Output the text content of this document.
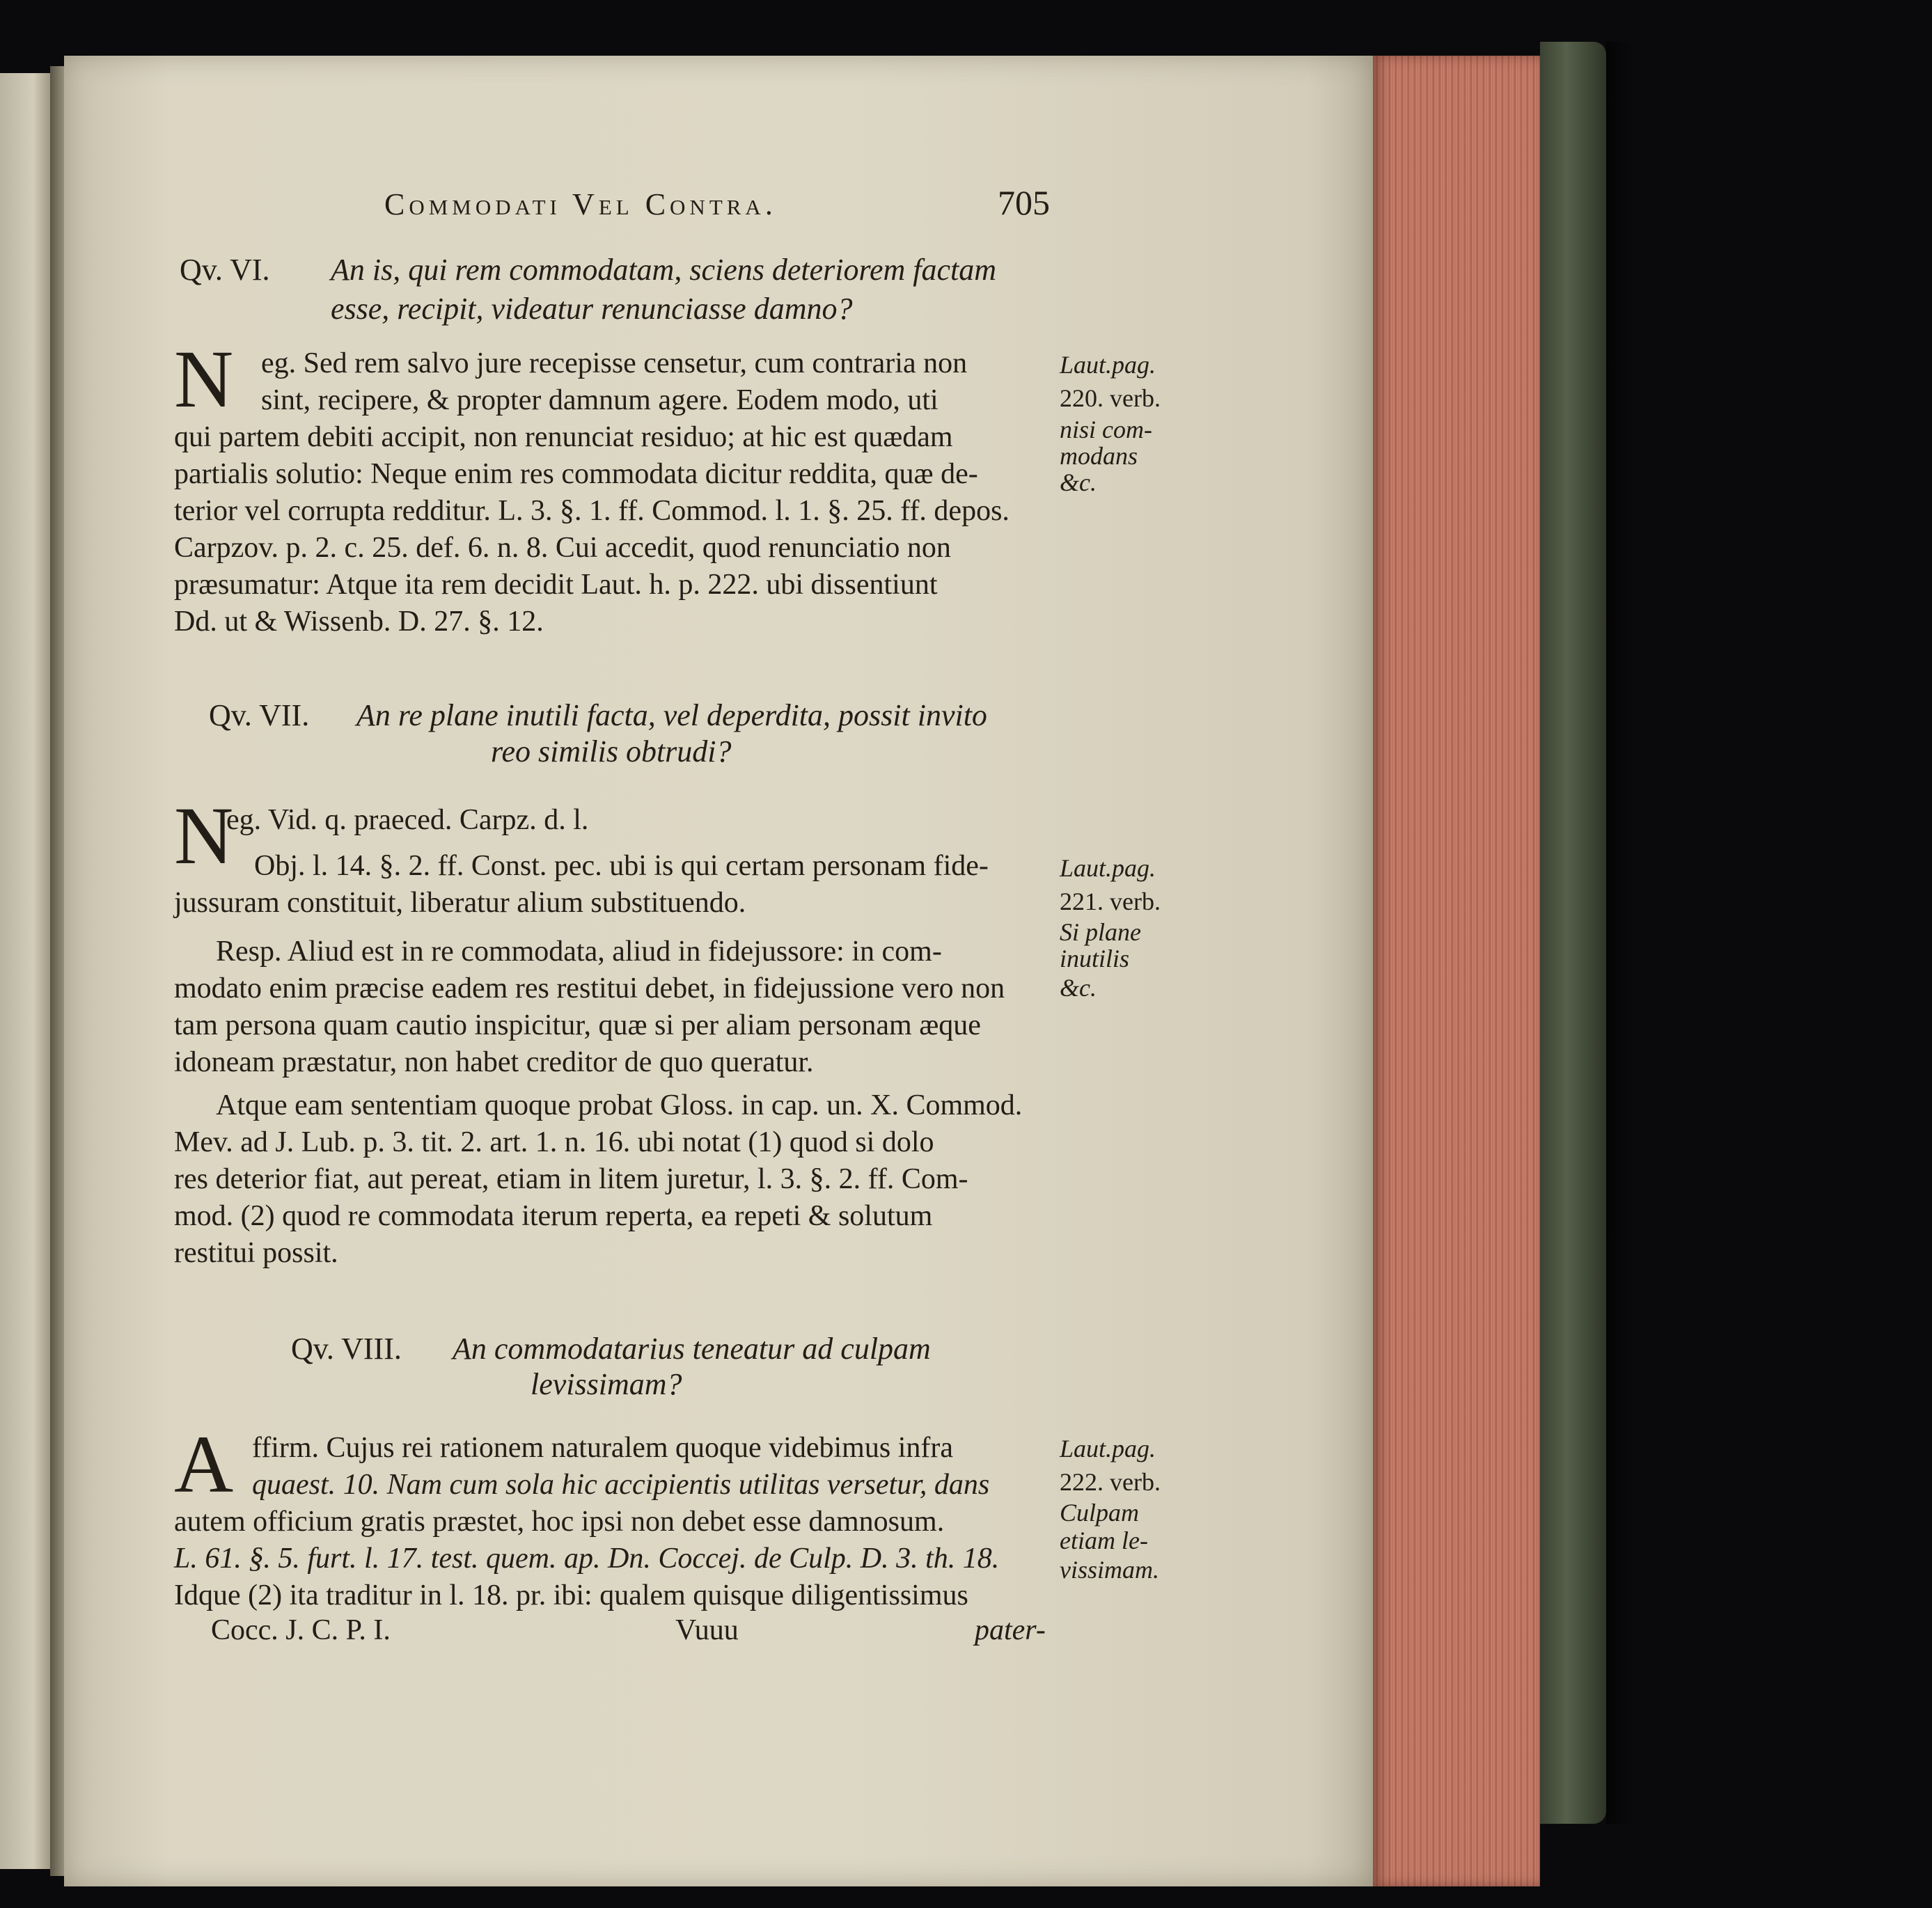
Commodati Vel Contra.	705
Qv. VI. An is, qui rem commodatam, sciens deteriorem factam
esse, recipit, videatur renunciasse damno?
N eg. Sed rem salvo jure recepisse censetur, cum contraria non
sint, recipere, & propter damnum agere. Eodem modo, uti
qui partem debiti accipit, non renunciat residuo; at hic est quædam
partialis solutio: Neque enim res commodata dicitur reddita, quæ de-
terior vel corrupta redditur. L. 3. §. 1. ff. Commod. l. 1. §. 25. ff. depos.
Carpzov. p. 2. c. 25. def. 6. n. 8. Cui accedit, quod renunciatio non
præsumatur: Atque ita rem decidit Laut. h. p. 222. ubi dissentiunt
Dd. ut & Wissenb. D. 27. §. 12.
Laut.pag.
220. verb.
nisi com-
modans
&c.
Qv. VII. An re plane inutili facta, vel deperdita, possit invito
reo similis obtrudi?
N
eg. Vid. q. praeced. Carpz. d. l.
Obj. l. 14. §. 2. ff. Const. pec. ubi is qui certam personam fide-
jussuram constituit, liberatur alium substituendo.
Resp. Aliud est in re commodata, aliud in fidejussore: in com-
modato enim præcise eadem res restitui debet, in fidejussione vero non
tam persona quam cautio inspicitur, quæ si per aliam personam æque
idoneam præstatur, non habet creditor de quo queratur.
Atque eam sententiam quoque probat Gloss. in cap. un. X. Commod.
Mev. ad J. Lub. p. 3. tit. 2. art. 1. n. 16. ubi notat (1) quod si dolo
res deterior fiat, aut pereat, etiam in litem juretur, l. 3. §. 2. ff. Com-
mod. (2) quod re commodata iterum reperta, ea repeti & solutum
restitui possit.
Laut.pag.
221. verb.
Si plane
inutilis
&c.
Qv. VIII. An commodatarius teneatur ad culpam
levissimam?
A ffirm. Cujus rei rationem naturalem quoque videbimus infra
quaest. 10. Nam cum sola hic accipientis utilitas versetur, dans
autem officium gratis præstet, hoc ipsi non debet esse damnosum.
L. 61. §. 5. furt. l. 17. test. quem. ap. Dn. Coccej. de Culp. D. 3. th. 18.
Idque (2) ita traditur in l. 18. pr. ibi: qualem quisque diligentissimus
Laut.pag.
222. verb.
Culpam
etiam le-
vissimam.
Cocc. J. C. P. I.	Vuuu	pater-
